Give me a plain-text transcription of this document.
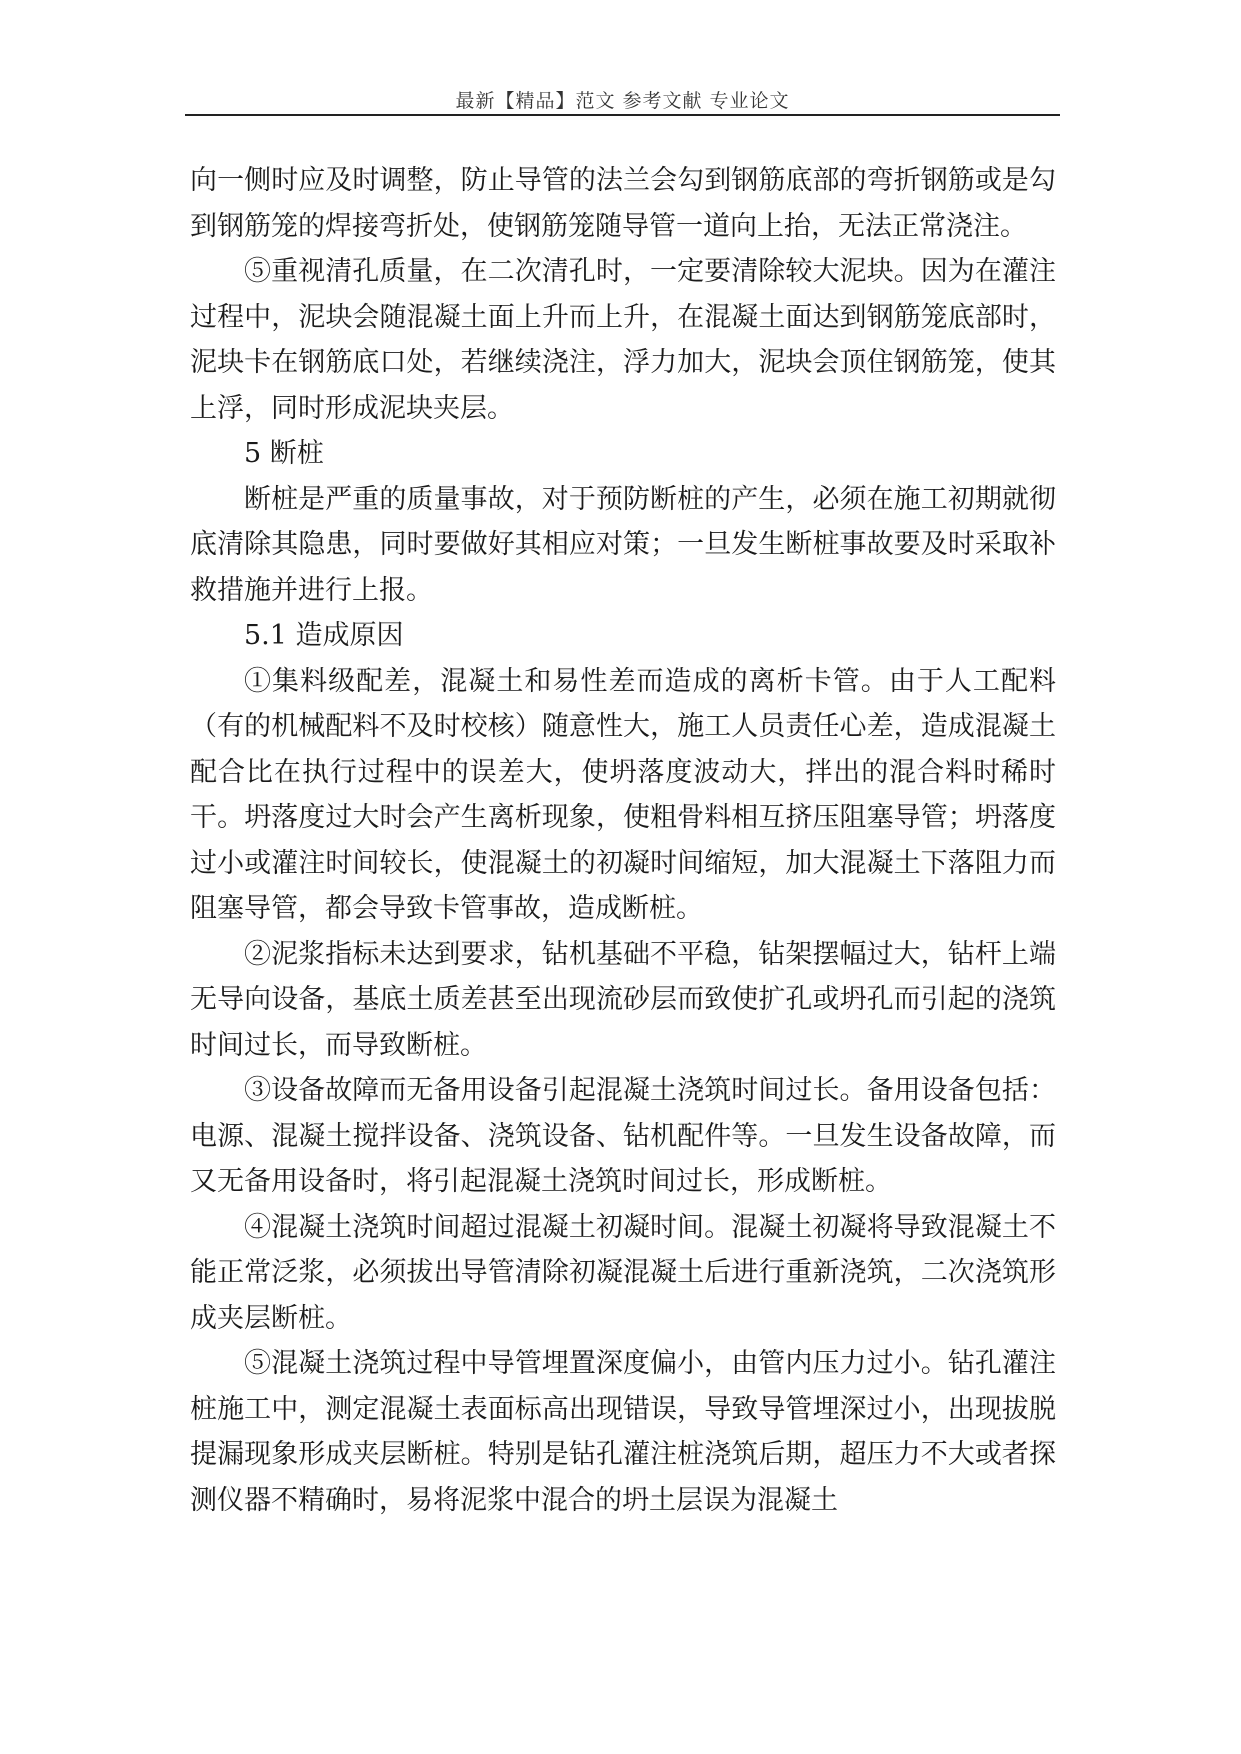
最新【精品】范文 参考文献 专业论文

向一侧时应及时调整，防止导管的法兰会勾到钢筋底部的弯折钢筋或是勾到钢筋笼的焊接弯折处，使钢筋笼随导管一道向上抬，无法正常浇注。

⑤重视清孔质量，在二次清孔时，一定要清除较大泥块。因为在灌注过程中，泥块会随混凝土面上升而上升，在混凝土面达到钢筋笼底部时，泥块卡在钢筋底口处，若继续浇注，浮力加大，泥块会顶住钢筋笼，使其上浮，同时形成泥块夹层。

5 断桩

断桩是严重的质量事故，对于预防断桩的产生，必须在施工初期就彻底清除其隐患，同时要做好其相应对策；一旦发生断桩事故要及时采取补救措施并进行上报。

5.1 造成原因

①集料级配差，混凝土和易性差而造成的离析卡管。由于人工配料（有的机械配料不及时校核）随意性大，施工人员责任心差，造成混凝土配合比在执行过程中的误差大，使坍落度波动大，拌出的混合料时稀时干。坍落度过大时会产生离析现象，使粗骨料相互挤压阻塞导管；坍落度过小或灌注时间较长，使混凝土的初凝时间缩短，加大混凝土下落阻力而阻塞导管，都会导致卡管事故，造成断桩。

②泥浆指标未达到要求，钻机基础不平稳，钻架摆幅过大，钻杆上端无导向设备，基底土质差甚至出现流砂层而致使扩孔或坍孔而引起的浇筑时间过长，而导致断桩。

③设备故障而无备用设备引起混凝土浇筑时间过长。备用设备包括：电源、混凝土搅拌设备、浇筑设备、钻机配件等。一旦发生设备故障，而又无备用设备时，将引起混凝土浇筑时间过长，形成断桩。

④混凝土浇筑时间超过混凝土初凝时间。混凝土初凝将导致混凝土不能正常泛浆，必须拔出导管清除初凝混凝土后进行重新浇筑，二次浇筑形成夹层断桩。

⑤混凝土浇筑过程中导管埋置深度偏小，由管内压力过小。钻孔灌注桩施工中，测定混凝土表面标高出现错误，导致导管埋深过小，出现拔脱提漏现象形成夹层断桩。特别是钻孔灌注桩浇筑后期，超压力不大或者探测仪器不精确时，易将泥浆中混合的坍土层误为混凝土
